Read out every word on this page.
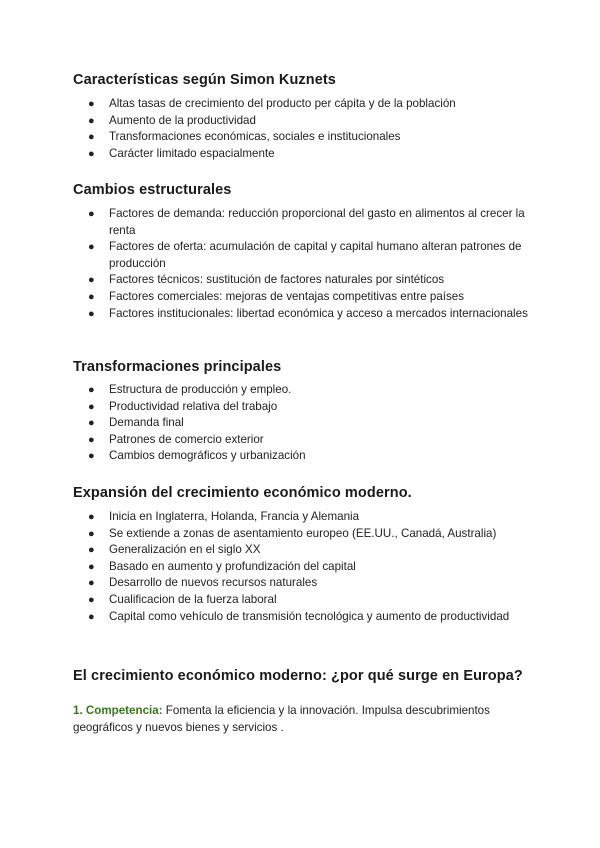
Características según Simon Kuznets
● Altas tasas de crecimiento del producto per cápita y de la población
● Aumento de la productividad
● Transformaciones económicas, sociales e institucionales
● Carácter limitado espacialmente
Cambios estructurales
● Factores de demanda: reducción proporcional del gasto en alimentos al crecer la renta
● Factores de oferta: acumulación de capital y capital humano alteran patrones de producción
● Factores técnicos: sustitución de factores naturales por sintéticos
● Factores comerciales: mejoras de ventajas competitivas entre países
● Factores institucionales: libertad económica y acceso a mercados internacionales
Transformaciones principales
● Estructura de producción y empleo.
● Productividad relativa del trabajo
● Demanda final
● Patrones de comercio exterior
● Cambios demográficos y urbanización
Expansión del crecimiento económico moderno.
● Inicia en Inglaterra, Holanda, Francia y Alemania
● Se extiende a zonas de asentamiento europeo (EE.UU., Canadá, Australia)
● Generalización en el siglo XX
● Basado en aumento y profundización del capital
● Desarrollo de nuevos recursos naturales
● Cualificacion de la fuerza laboral
● Capital como vehículo de transmisión tecnológica y aumento de productividad
El crecimiento económico moderno: ¿por qué surge en Europa?
1. Competencia: Fomenta la eficiencia y la innovación. Impulsa descubrimientos geográficos y nuevos bienes y servicios .
